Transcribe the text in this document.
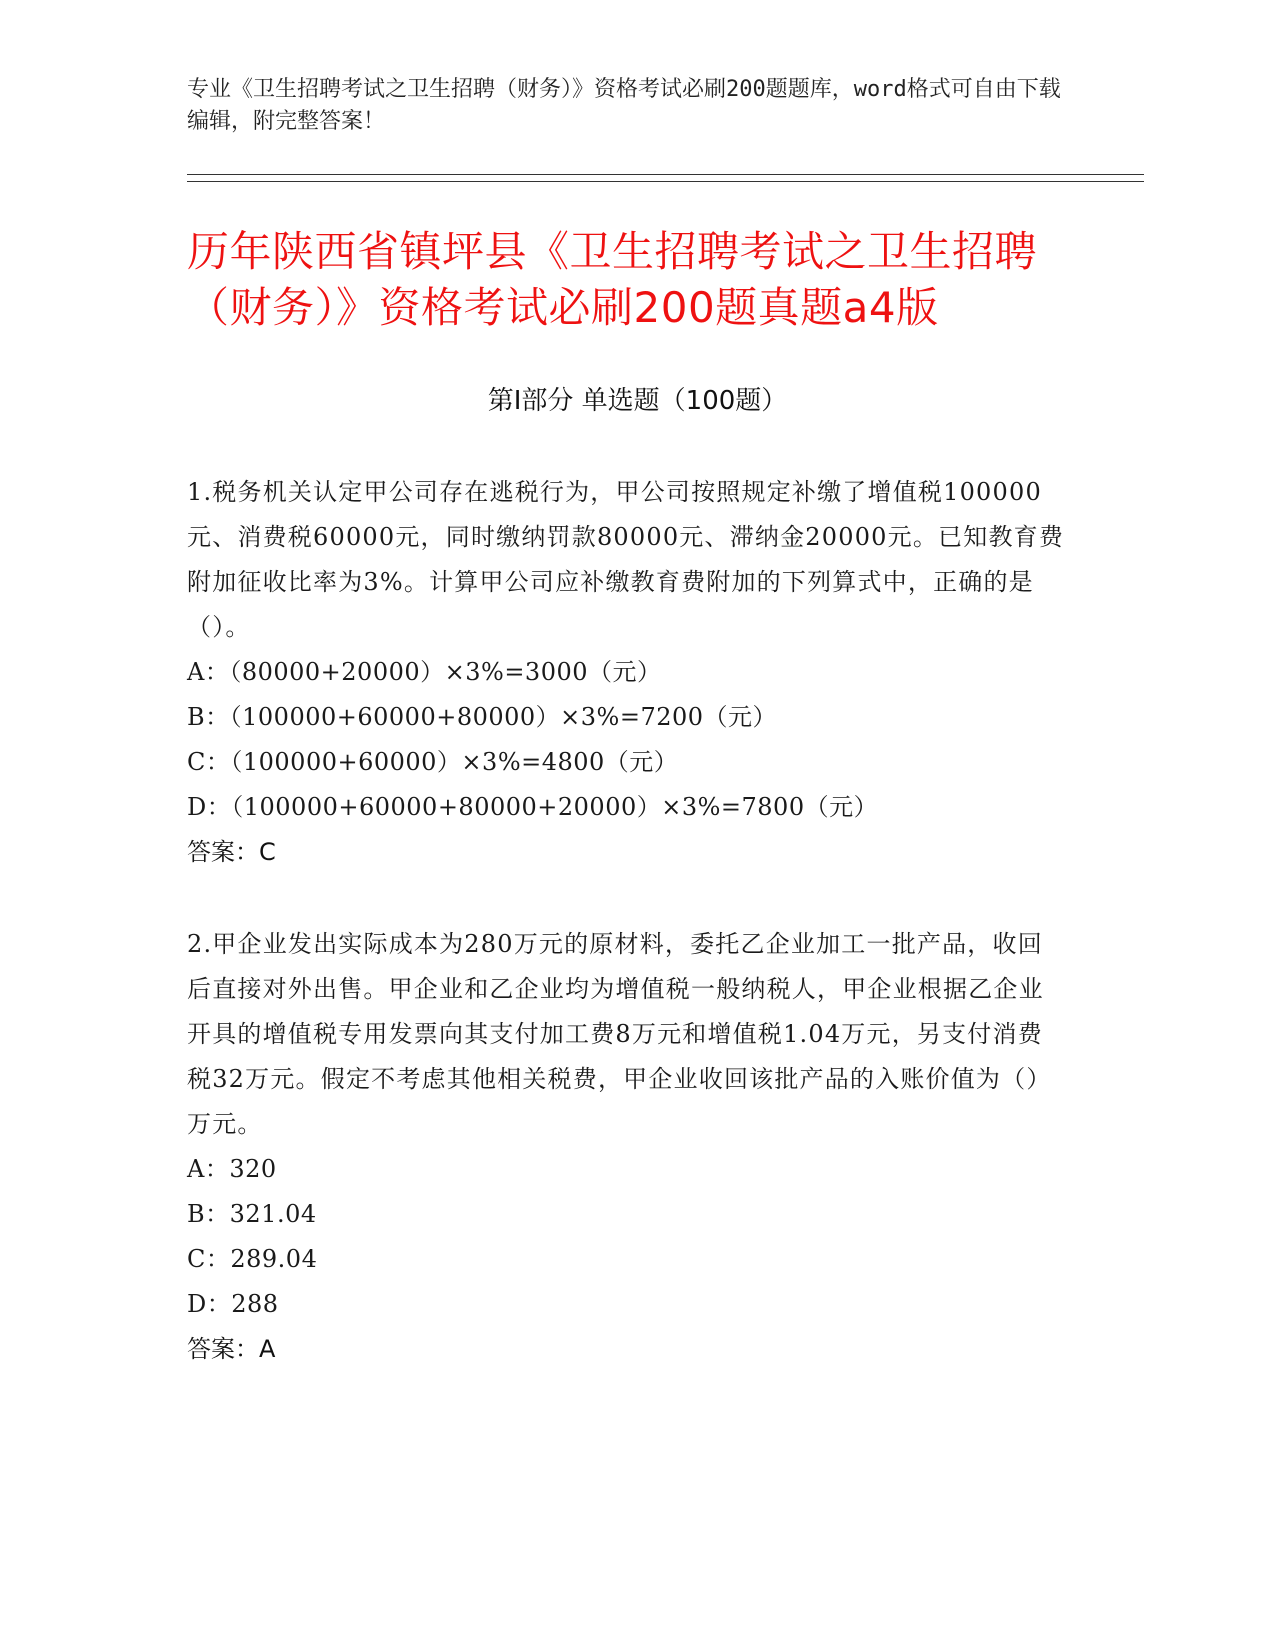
专业《卫生招聘考试之卫生招聘（财务）》资格考试必刷200题题库，word格式可自由下载编辑，附完整答案！
历年陕西省镇坪县《卫生招聘考试之卫生招聘（财务）》资格考试必刷200题真题a4版
第Ⅰ部分 单选题（100题）

1.税务机关认定甲公司存在逃税行为，甲公司按照规定补缴了增值税100000元、消费税60000元，同时缴纳罚款80000元、滞纳金20000元。已知教育费附加征收比率为3%。计算甲公司应补缴教育费附加的下列算式中，正确的是（）。

A：（80000+20000）×3%=3000（元）

B：（100000+60000+80000）×3%=7200（元）

C：（100000+60000）×3%=4800（元）

D：（100000+60000+80000+20000）×3%=7800（元）

答案：C

2.甲企业发出实际成本为280万元的原材料，委托乙企业加工一批产品，收回后直接对外出售。甲企业和乙企业均为增值税一般纳税人，甲企业根据乙企业开具的增值税专用发票向其支付加工费8万元和增值税1.04万元，另支付消费税32万元。假定不考虑其他相关税费，甲企业收回该批产品的入账价值为（）万元。

A：320

B：321.04

C：289.04

D：288

答案：A
